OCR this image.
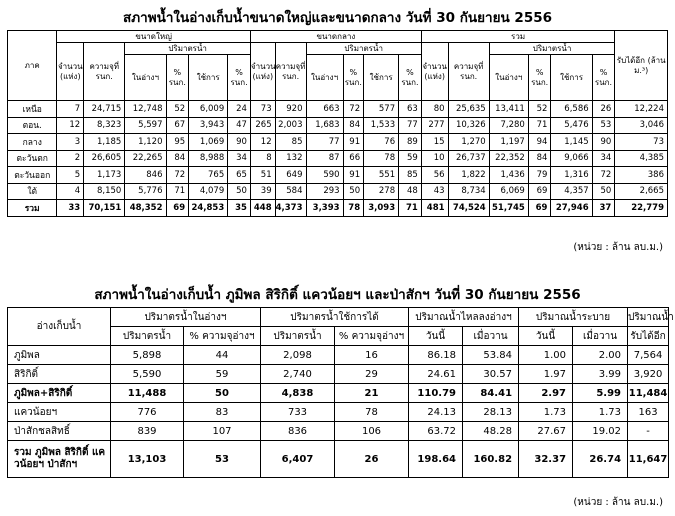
สภาพน้ำในอ่างเก็บน้ำขนาดใหญ่และขนาดกลาง วันที่ 30 กันยายน 2556
ภาค	ขนาดใหญ่						ขนาดกลาง						รวม						รับได้อีก (ล้าน ม.³)
	จำนวน (แห่ง)	ความจุที่ รนก.	ปริมาตรน้ำ				จำนวน (แห่ง)	ความจุที่ รนก.	ปริมาตรน้ำ				จำนวน (แห่ง)	ความจุที่ รนก.	ปริมาตรน้ำ				
			ในอ่างฯ	% รนก.	ใช้การ	% รนก.			ในอ่างฯ	% รนก.	ใช้การ	% รนก.			ในอ่างฯ	% รนก.	ใช้การ	% รนก.	
เหนือ	7	24,715	12,748	52	6,009	24	73	920	663	72	577	63	80	25,635	13,411	52	6,586	26	12,224
ตอน.	12	8,323	5,597	67	3,943	47	265	2,003	1,683	84	1,533	77	277	10,326	7,280	71	5,476	53	3,046
กลาง	3	1,185	1,120	95	1,069	90	12	85	77	91	76	89	15	1,270	1,197	94	1,145	90	73
ตะวันตก	2	26,605	22,265	84	8,988	34	8	132	87	66	78	59	10	26,737	22,352	84	9,066	34	4,385
ตะวันออก	5	1,173	846	72	765	65	51	649	590	91	551	85	56	1,822	1,436	79	1,316	72	386
ใต้	4	8,150	5,776	71	4,079	50	39	584	293	50	278	48	43	8,734	6,069	69	4,357	50	2,665
รวม	33	70,151	48,352	69	24,853	35	448	4,373	3,393	78	3,093	71	481	74,524	51,745	69	27,946	37	22,779
(หน่วย : ล้าน ลบ.ม.)
สภาพน้ำในอ่างเก็บน้ำ ภูมิพล สิริกิติ์ แควน้อยฯ และป่าสักฯ วันที่ 30 กันยายน 2556
อ่างเก็บน้ำ	ปริมาตรน้ำในอ่างฯ		ปริมาตรน้ำใช้การได้		ปริมาณน้ำไหลลงอ่างฯ		ปริมาณน้ำระบาย		ปริมาณน้ำ
	ปริมาตรน้ำ	% ความจุอ่างฯ	ปริมาตรน้ำ	% ความจุอ่างฯ	วันนี้	เมื่อวาน	วันนี้	เมื่อวาน	รับได้อีก
ภูมิพล	5,898	44	2,098	16	86.18	53.84	1.00	2.00	7,564
สิริกิติ์	5,590	59	2,740	29	24.61	30.57	1.97	3.99	3,920
ภูมิพล+สิริกิติ์	11,488	50	4,838	21	110.79	84.41	2.97	5.99	11,484
แควน้อยฯ	776	83	733	78	24.13	28.13	1.73	1.73	163
ป่าสักชลสิทธิ์	839	107	836	106	63.72	48.28	27.67	19.02	-
รวม ภูมิพล สิริกิติ์ แควน้อยฯ ป่าสักฯ	13,103	53	6,407	26	198.64	160.82	32.37	26.74	11,647
(หน่วย : ล้าน ลบ.ม.)
